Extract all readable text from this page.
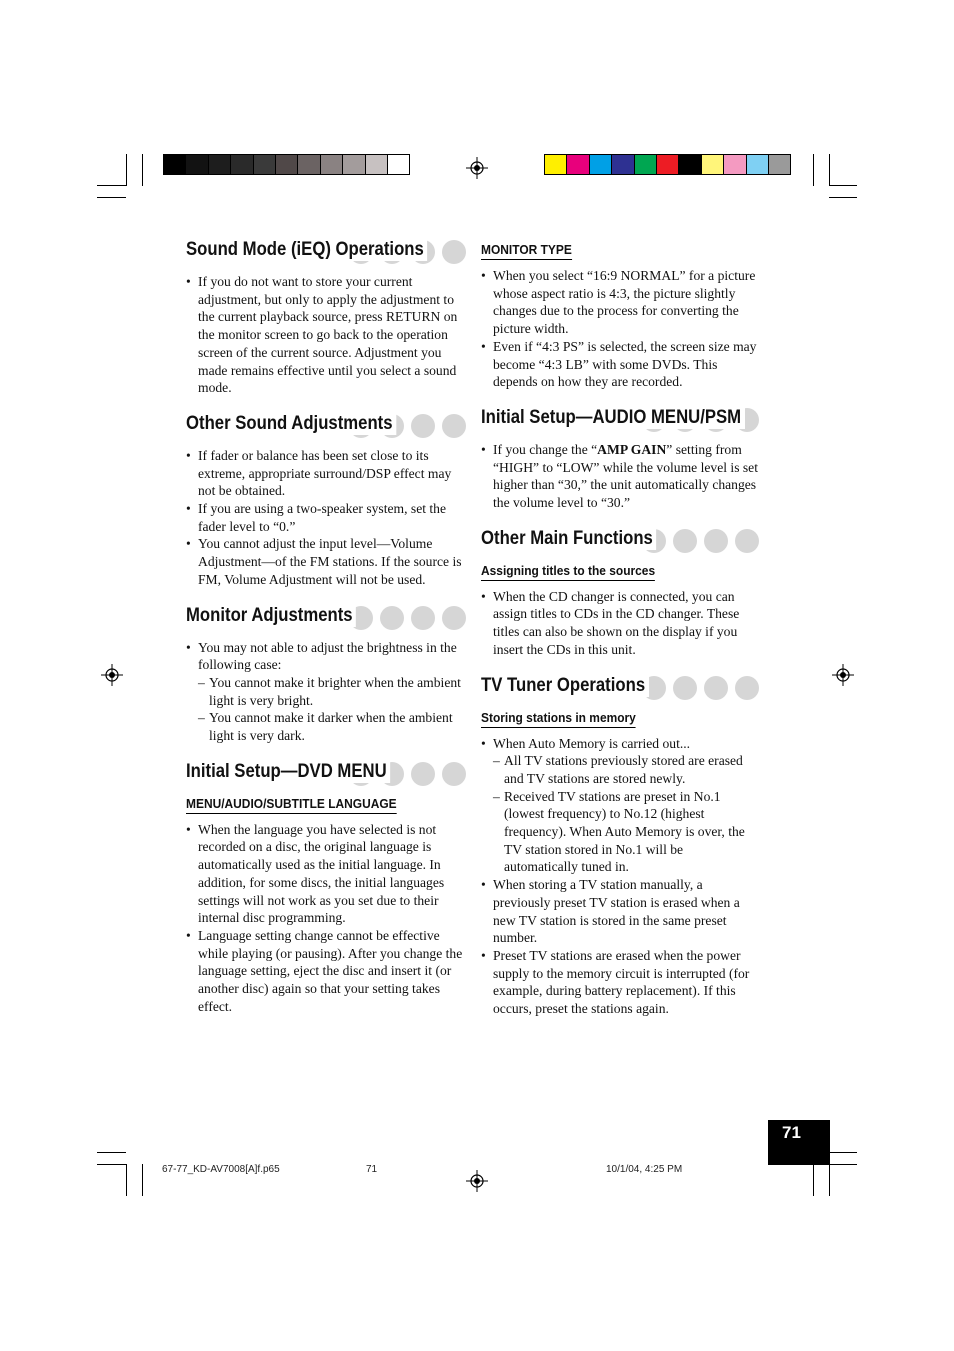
Sound Mode (iEQ) Operations
• If you do not want to store your current adjustment, but only to apply the adjustment to the current playback source, press RETURN on the monitor screen to go back to the operation screen of the current source. Adjustment you made remains effective until you select a sound mode.
Other Sound Adjustments
• If fader or balance has been set close to its extreme, appropriate surround/DSP effect may not be obtained.
• If you are using a two-speaker system, set the fader level to “0.”
• You cannot adjust the input level—Volume Adjustment—of the FM stations. If the source is FM, Volume Adjustment will not be used.
Monitor Adjustments
• You may not able to adjust the brightness in the following case:
– You cannot make it brighter when the ambient light is very bright.
– You cannot make it darker when the ambient light is very dark.
Initial Setup—DVD MENU
MENU/AUDIO/SUBTITLE LANGUAGE
• When the language you have selected is not recorded on a disc, the original language is automatically used as the initial language. In addition, for some discs, the initial languages settings will not work as you set due to their internal disc programming.
• Language setting change cannot be effective while playing (or pausing). After you change the language setting, eject the disc and insert it (or another disc) again so that your setting takes effect.
MONITOR TYPE
• When you select “16:9 NORMAL” for a picture whose aspect ratio is 4:3, the picture slightly changes due to the process for converting the picture width.
• Even if “4:3 PS” is selected, the screen size may become “4:3 LB” with some DVDs. This depends on how they are recorded.
Initial Setup—AUDIO MENU/PSM
• If you change the “AMP GAIN” setting from “HIGH” to “LOW” while the volume level is set higher than “30,” the unit automatically changes the volume level to “30.”
Other Main Functions
Assigning titles to the sources
• When the CD changer is connected, you can assign titles to CDs in the CD changer. These titles can also be shown on the display if you insert the CDs in this unit.
TV Tuner Operations
Storing stations in memory
• When Auto Memory is carried out...
– All TV stations previously stored are erased and TV stations are stored newly.
– Received TV stations are preset in No.1 (lowest frequency) to No.12 (highest frequency). When Auto Memory is over, the TV station stored in No.1 will be automatically tuned in.
• When storing a TV station manually, a previously preset TV station is erased when a new TV station is stored in the same preset number.
• Preset TV stations are erased when the power supply to the memory circuit is interrupted (for example, during battery replacement). If this occurs, preset the stations again.
71
67-77_KD-AV7008[A]f.p65	71	10/1/04, 4:25 PM
